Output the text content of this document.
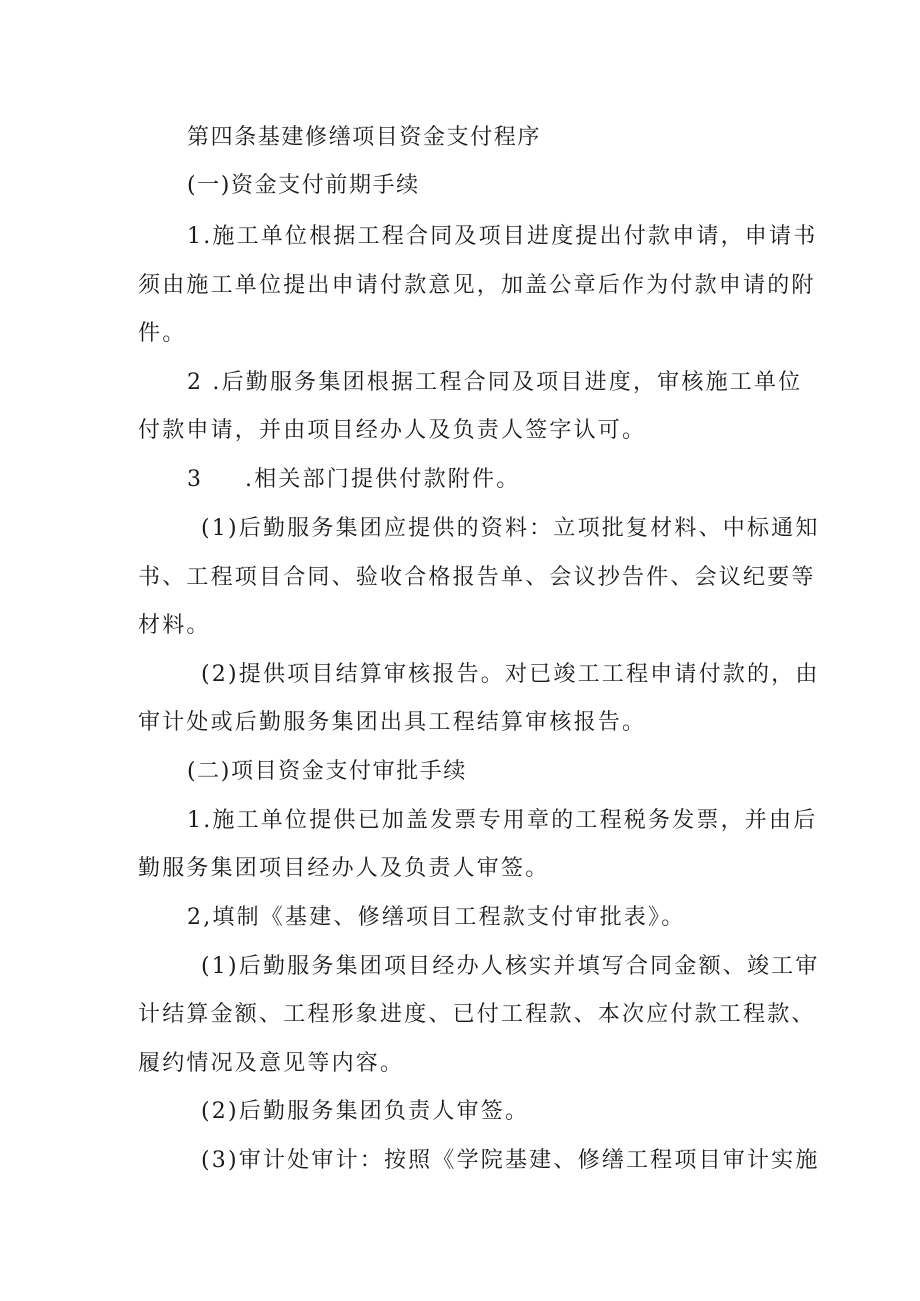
第四条基建修缮项目资金支付程序
(一)资金支付前期手续
1.施工单位根据工程合同及项目进度提出付款申请，申请书
须由施工单位提出申请付款意见，加盖公章后作为付款申请的附
件。
2 .后勤服务集团根据工程合同及项目进度，审核施工单位
付款申请，并由项目经办人及负责人签字认可。
3 .相关部门提供付款附件。
(1)后勤服务集团应提供的资料：立项批复材料、中标通知
书、工程项目合同、验收合格报告单、会议抄告件、会议纪要等
材料。
(2)提供项目结算审核报告。对已竣工工程申请付款的，由
审计处或后勤服务集团出具工程结算审核报告。
(二)项目资金支付审批手续
1.施工单位提供已加盖发票专用章的工程税务发票，并由后
勤服务集团项目经办人及负责人审签。
2,填制《基建、修缮项目工程款支付审批表》。
(1)后勤服务集团项目经办人核实并填写合同金额、竣工审
计结算金额、工程形象进度、已付工程款、本次应付款工程款、
履约情况及意见等内容。
(2)后勤服务集团负责人审签。
(3)审计处审计：按照《学院基建、修缮工程项目审计实施
